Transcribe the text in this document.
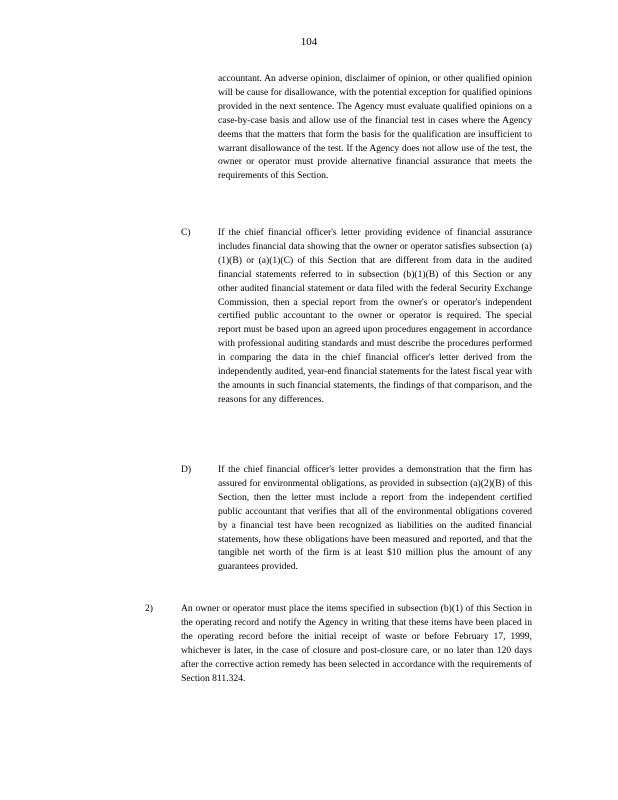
104

accountant. An adverse opinion, disclaimer of opinion, or other qualified opinion will be cause for disallowance, with the potential exception for qualified opinions provided in the next sentence. The Agency must evaluate qualified opinions on a case-by-case basis and allow use of the financial test in cases where the Agency deems that the matters that form the basis for the qualification are insufficient to warrant disallowance of the test. If the Agency does not allow use of the test, the owner or operator must provide alternative financial assurance that meets the requirements of this Section.

C)	If the chief financial officer's letter providing evidence of financial assurance includes financial data showing that the owner or operator satisfies subsection (a)(1)(B) or (a)(1)(C) of this Section that are different from data in the audited financial statements referred to in subsection (b)(1)(B) of this Section or any other audited financial statement or data filed with the federal Security Exchange Commission, then a special report from the owner's or operator's independent certified public accountant to the owner or operator is required. The special report must be based upon an agreed upon procedures engagement in accordance with professional auditing standards and must describe the procedures performed in comparing the data in the chief financial officer's letter derived from the independently audited, year-end financial statements for the latest fiscal year with the amounts in such financial statements, the findings of that comparison, and the reasons for any differences.

D)	If the chief financial officer's letter provides a demonstration that the firm has assured for environmental obligations, as provided in subsection (a)(2)(B) of this Section, then the letter must include a report from the independent certified public accountant that verifies that all of the environmental obligations covered by a financial test have been recognized as liabilities on the audited financial statements, how these obligations have been measured and reported, and that the tangible net worth of the firm is at least $10 million plus the amount of any guarantees provided.

2)	An owner or operator must place the items specified in subsection (b)(1) of this Section in the operating record and notify the Agency in writing that these items have been placed in the operating record before the initial receipt of waste or before February 17, 1999, whichever is later, in the case of closure and post-closure care, or no later than 120 days after the corrective action remedy has been selected in accordance with the requirements of Section 811.324.
